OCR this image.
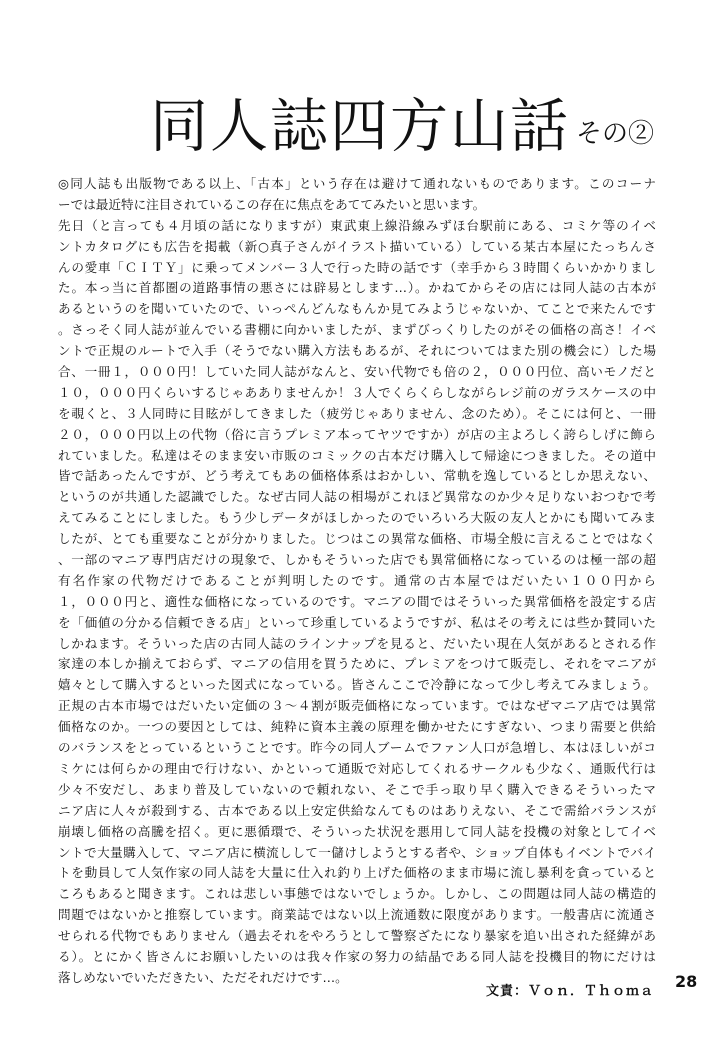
同人誌四方山話 その②
◎同人誌も出版物である以上、「古本」という存在は避けて通れないものであります。このコーナ
ーでは最近特に注目されているこの存在に焦点をあててみたいと思います。
先日（と言っても４月頃の話になりますが）東武東上線沿線みずほ台駅前にある、コミケ等のイベ
ントカタログにも広告を掲載（新○真子さんがイラスト描いている）している某古本屋にたっちんさ
んの愛車「ＣＩＴＹ」に乗ってメンバー３人で行った時の話です（幸手から３時間くらいかかりまし
た。本っ当に首都圏の道路事情の悪さには辟易とします…）。かねてからその店には同人誌の古本が
あるというのを聞いていたので、いっぺんどんなもんか見てみようじゃないか、てことで来たんです
。さっそく同人誌が並んでいる書棚に向かいましたが、まずびっくりしたのがその価格の高さ！イベ
ントで正規のルートで入手（そうでない購入方法もあるが、それについてはまた別の機会に）した場
合、一冊１，０００円！していた同人誌がなんと、安い代物でも倍の２，０００円位、高いモノだと
１０，０００円くらいするじゃあありませんか！３人でくらくらしながらレジ前のガラスケースの中
を覗くと、３人同時に目眩がしてきました（疲労じゃありません、念のため）。そこには何と、一冊
２０，０００円以上の代物（俗に言うプレミア本ってヤツですか）が店の主よろしく誇らしげに飾ら
れていました。私達はそのまま安い市販のコミックの古本だけ購入して帰途につきました。その道中
皆で話あったんですが、どう考えてもあの価格体系はおかしい、常軌を逸しているとしか思えない、
というのが共通した認識でした。なぜ古同人誌の相場がこれほど異常なのか少々足りないおつむで考
えてみることにしました。もう少しデータがほしかったのでいろいろ大阪の友人とかにも聞いてみま
したが、とても重要なことが分かりました。じつはこの異常な価格、市場全般に言えることではなく
、一部のマニア専門店だけの現象で、しかもそういった店でも異常価格になっているのは極一部の超
有名作家の代物だけであることが判明したのです。通常の古本屋ではだいたい１００円から
１，０００円と、適性な価格になっているのです。マニアの間ではそういった異常価格を設定する店
を「価値の分かる信頼できる店」といって珍重しているようですが、私はその考えには些か賛同いた
しかねます。そういった店の古同人誌のラインナップを見ると、だいたい現在人気があるとされる作
家達の本しか揃えておらず、マニアの信用を買うために、プレミアをつけて販売し、それをマニアが
嬉々として購入するといった図式になっている。皆さんここで冷静になって少し考えてみましょう。
正規の古本市場ではだいたい定価の３～４割が販売価格になっています。ではなぜマニア店では異常
価格なのか。一つの要因としては、純粋に資本主義の原理を働かせたにすぎない、つまり需要と供給
のバランスをとっているということです。昨今の同人ブームでファン人口が急増し、本はほしいがコ
ミケには何らかの理由で行けない、かといって通販で対応してくれるサークルも少なく、通販代行は
少々不安だし、あまり普及していないので頼れない、そこで手っ取り早く購入できるそういったマ
ニア店に人々が殺到する、古本である以上安定供給なんてものはありえない、そこで需給バランスが
崩壊し価格の高騰を招く。更に悪循環で、そういった状況を悪用して同人誌を投機の対象としてイベ
ントで大量購入して、マニア店に横流しして一儲けしようとする者や、ショップ自体もイベントでバイ
トを動員して人気作家の同人誌を大量に仕入れ釣り上げた価格のまま市場に流し暴利を貪っていると
ころもあると聞きます。これは悲しい事態ではないでしょうか。しかし、この問題は同人誌の構造的
問題ではないかと推察しています。商業誌ではない以上流通数に限度があります。一般書店に流通さ
せられる代物でもありません（過去それをやろうとして警察ざたになり暴家を追い出された経緯があ
る）。とにかく皆さんにお願いしたいのは我々作家の努力の結晶である同人誌を投機目的物にだけは
落しめないでいただきたい、ただそれだけです…。
文責：Ｖｏｎ．Ｔｈｏｍａ
28
